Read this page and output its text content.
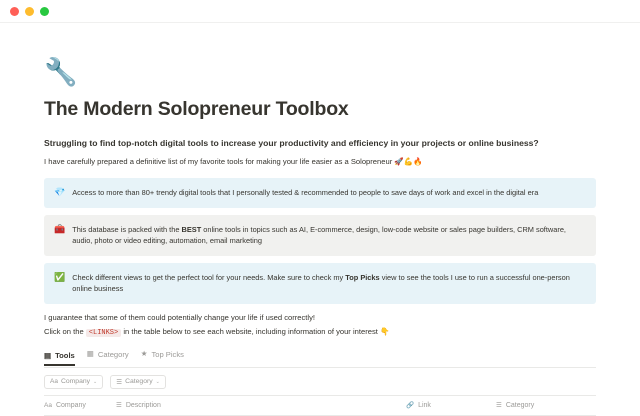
🔧
The Modern Solopreneur Toolbox

Struggling to find top-notch digital tools to increase your productivity and efficiency in your projects or online business?

I have carefully prepared a definitive list of my favorite tools for making your life easier as a Solopreneur 🚀💪🔥

💎 Access to more than 80+ trendy digital tools that I personally tested & recommended to people to save days of work and excel in the digital era
🧰 This database is packed with the BEST online tools in topics such as AI, E-commerce, design, low-code website or sales page builders, CRM software, audio, photo or video editing, automation, email marketing
✅ Check different views to get the perfect tool for your needs. Make sure to check my Top Picks view to see the tools I use to run a successful one-person online business

I guarantee that some of them could potentially change your life if used correctly!

Click on the <LINKS> in the table below to see each website, including information of your interest 👇

▤ Tools ▦ Category ★ Top Picks
Aa Company ⌄	☰ Category ⌄
Aa Company	☰ Description	🔗 Link	☰ Category
